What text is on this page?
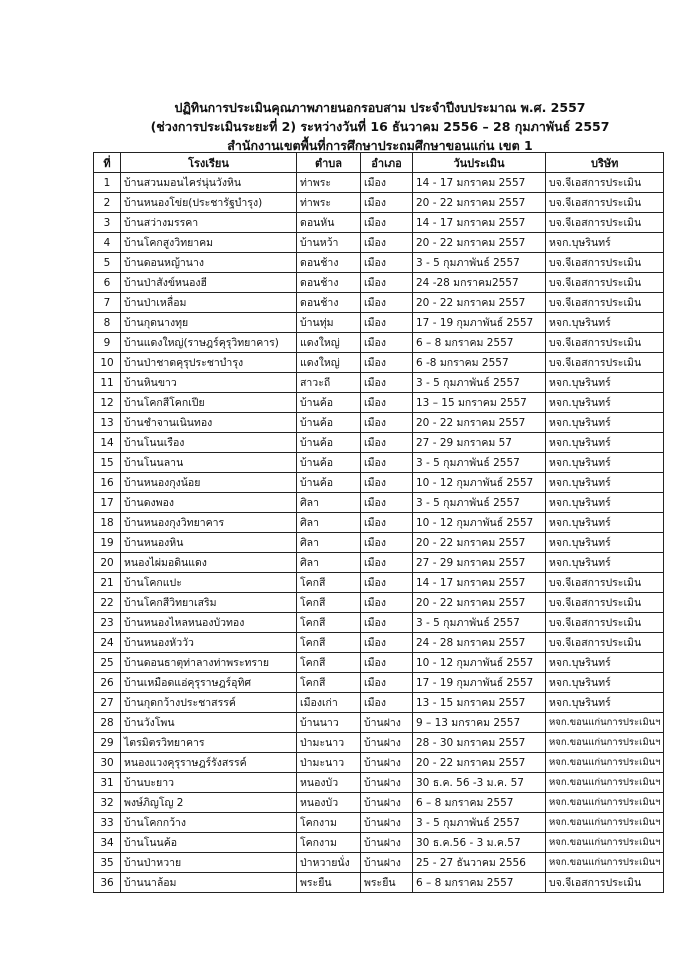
ปฏิทินการประเมินคุณภาพภายนอกรอบสาม ประจำปีงบประมาณ พ.ศ. 2557
(ช่วงการประเมินระยะที่ 2) ระหว่างวันที่ 16 ธันวาคม 2556 – 28 กุมภาพันธ์ 2557
สำนักงานเขตพื้นที่การศึกษาประถมศึกษาขอนแก่น เขต 1
ที่	โรงเรียน	ตำบล	อำเภอ	วันประเมิน	บริษัท
1	บ้านสวนมอนไคร่นุ่นวังหิน	ท่าพระ	เมือง	14 - 17 มกราคม 2557	บจ.จีเอสการประเมิน
2	บ้านหนองโข่ย(ประชารัฐบำรุง)	ท่าพระ	เมือง	20 - 22 มกราคม 2557	บจ.จีเอสการประเมิน
3	บ้านสว่างมรรคา	ดอนหัน	เมือง	14 - 17 มกราคม 2557	บจ.จีเอสการประเมิน
4	บ้านโคกสูงวิทยาคม	บ้านหว้า	เมือง	20 - 22 มกราคม 2557	หจก.บุษรินทร์
5	บ้านดอนหญ้านาง	ดอนช้าง	เมือง	3 - 5 กุมภาพันธ์ 2557	บจ.จีเอสการประเมิน
6	บ้านป่าสังข์หนองฮี	ดอนช้าง	เมือง	24 -28 มกราคม2557	บจ.จีเอสการประเมิน
7	บ้านป่าเหลื่อม	ดอนช้าง	เมือง	20 - 22 มกราคม 2557	บจ.จีเอสการประเมิน
8	บ้านกุดนางทุย	บ้านทุ่ม	เมือง	17 - 19 กุมภาพันธ์ 2557	หจก.บุษรินทร์
9	บ้านแดงใหญ่(ราษฎร์คุรุวิทยาคาร)	แดงใหญ่	เมือง	6 – 8 มกราคม 2557	บจ.จีเอสการประเมิน
10	บ้านป่าชาดคุรุประชาบำรุง	แดงใหญ่	เมือง	6 -8 มกราคม 2557	บจ.จีเอสการประเมิน
11	บ้านหินขาว	สาวะถี	เมือง	3 - 5 กุมภาพันธ์ 2557	หจก.บุษรินทร์
12	บ้านโคกสีโคกเปีย	บ้านค้อ	เมือง	13 – 15 มกราคม 2557	หจก.บุษรินทร์
13	บ้านชำจานเนินทอง	บ้านค้อ	เมือง	20 - 22 มกราคม 2557	หจก.บุษรินทร์
14	บ้านโนนเรือง	บ้านค้อ	เมือง	27 - 29 มกราคม 57	หจก.บุษรินทร์
15	บ้านโนนลาน	บ้านค้อ	เมือง	3 - 5 กุมภาพันธ์ 2557	หจก.บุษรินทร์
16	บ้านหนองกุงน้อย	บ้านค้อ	เมือง	10 - 12 กุมภาพันธ์ 2557	หจก.บุษรินทร์
17	บ้านดงพอง	ศิลา	เมือง	3 - 5 กุมภาพันธ์ 2557	หจก.บุษรินทร์
18	บ้านหนองกุงวิทยาคาร	ศิลา	เมือง	10 - 12 กุมภาพันธ์ 2557	หจก.บุษรินทร์
19	บ้านหนองหิน	ศิลา	เมือง	20 - 22 มกราคม 2557	หจก.บุษรินทร์
20	หนองไผ่มอดินแดง	ศิลา	เมือง	27 - 29 มกราคม 2557	หจก.บุษรินทร์
21	บ้านโคกแปะ	โคกสี	เมือง	14 - 17 มกราคม 2557	บจ.จีเอสการประเมิน
22	บ้านโคกสีวิทยาเสริม	โคกสี	เมือง	20 - 22 มกราคม 2557	บจ.จีเอสการประเมิน
23	บ้านหนองไหลหนองบัวทอง	โคกสี	เมือง	3 - 5 กุมภาพันธ์ 2557	บจ.จีเอสการประเมิน
24	บ้านหนองหัววัว	โคกสี	เมือง	24 - 28 มกราคม 2557	บจ.จีเอสการประเมิน
25	บ้านดอนธาตุท่าลางท่าพระทราย	โคกสี	เมือง	10 - 12 กุมภาพันธ์ 2557	หจก.บุษรินทร์
26	บ้านเหมือดแอ่คุรุราษฎร์อุทิศ	โคกสี	เมือง	17 - 19 กุมภาพันธ์ 2557	หจก.บุษรินทร์
27	บ้านกุดกว้างประชาสรรค์	เมืองเก่า	เมือง	13 - 15 มกราคม 2557	หจก.บุษรินทร์
28	บ้านวังโพน	บ้านนาว	บ้านฝาง	9 – 13 มกราคม 2557	หจก.ขอนแก่นการประเมินฯ
29	ไตรมิตรวิทยาคาร	ป่ามะนาว	บ้านฝาง	28 - 30 มกราคม 2557	หจก.ขอนแก่นการประเมินฯ
30	หนองแวงคุรุราษฎร์รังสรรค์	ป่ามะนาว	บ้านฝาง	20 - 22 มกราคม 2557	หจก.ขอนแก่นการประเมินฯ
31	บ้านบะยาว	หนองบัว	บ้านฝาง	30 ธ.ค. 56 -3 ม.ค. 57	หจก.ขอนแก่นการประเมินฯ
32	พงษ์ภิญโญ 2	หนองบัว	บ้านฝาง	6 – 8 มกราคม 2557	หจก.ขอนแก่นการประเมินฯ
33	บ้านโคกกว้าง	โคกงาม	บ้านฝาง	3 - 5 กุมภาพันธ์ 2557	หจก.ขอนแก่นการประเมินฯ
34	บ้านโนนค้อ	โคกงาม	บ้านฝาง	30 ธ.ค.56 - 3 ม.ค.57	หจก.ขอนแก่นการประเมินฯ
35	บ้านป่าหวาย	ป่าหวายนั่ง	บ้านฝาง	25 - 27 ธันวาคม 2556	หจก.ขอนแก่นการประเมินฯ
36	บ้านนาล้อม	พระยืน	พระยืน	6 – 8 มกราคม 2557	บจ.จีเอสการประเมิน
